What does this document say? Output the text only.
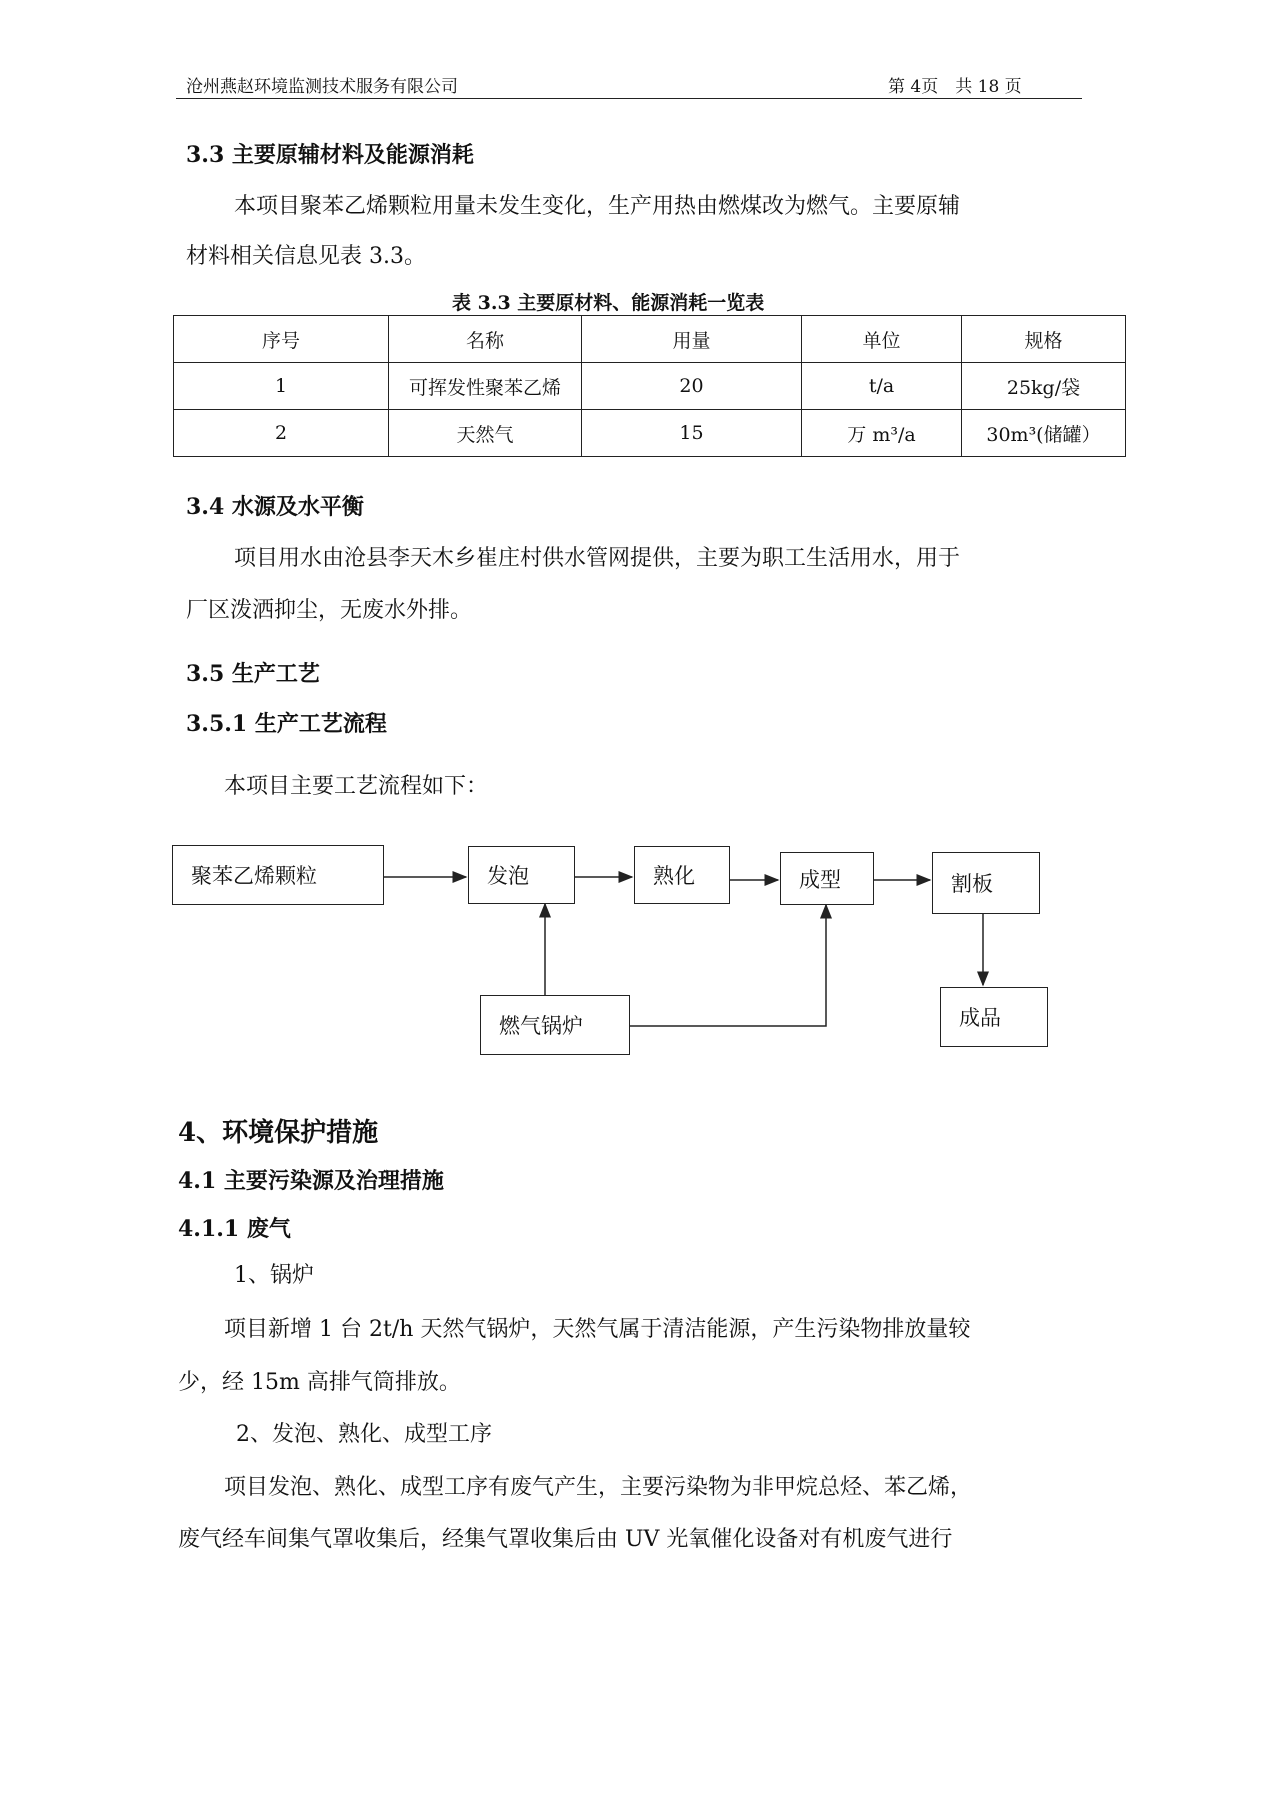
沧州燕赵环境监测技术服务有限公司	第 4页　共 18 页
3.3 主要原辅材料及能源消耗
本项目聚苯乙烯颗粒用量未发生变化，生产用热由燃煤改为燃气。主要原辅
材料相关信息见表 3.3。
表 3.3 主要原材料、能源消耗一览表
序号	名称	用量	单位	规格
1	可挥发性聚苯乙烯	20	t/a	25kg/袋
2	天然气	15	万 m³/a	30m³(储罐）
3.4 水源及水平衡
项目用水由沧县李天木乡崔庄村供水管网提供，主要为职工生活用水，用于
厂区泼洒抑尘，无废水外排。
3.5 生产工艺
3.5.1 生产工艺流程
本项目主要工艺流程如下：
聚苯乙烯颗粒	发泡	熟化	成型	割板
燃气锅炉	成品
4、环境保护措施
4.1 主要污染源及治理措施
4.1.1 废气
1、锅炉
项目新增 1 台 2t/h 天然气锅炉，天然气属于清洁能源，产生污染物排放量较
少，经 15m 高排气筒排放。
2、发泡、熟化、成型工序
项目发泡、熟化、成型工序有废气产生，主要污染物为非甲烷总烃、苯乙烯，
废气经车间集气罩收集后，经集气罩收集后由 UV 光氧催化设备对有机废气进行
